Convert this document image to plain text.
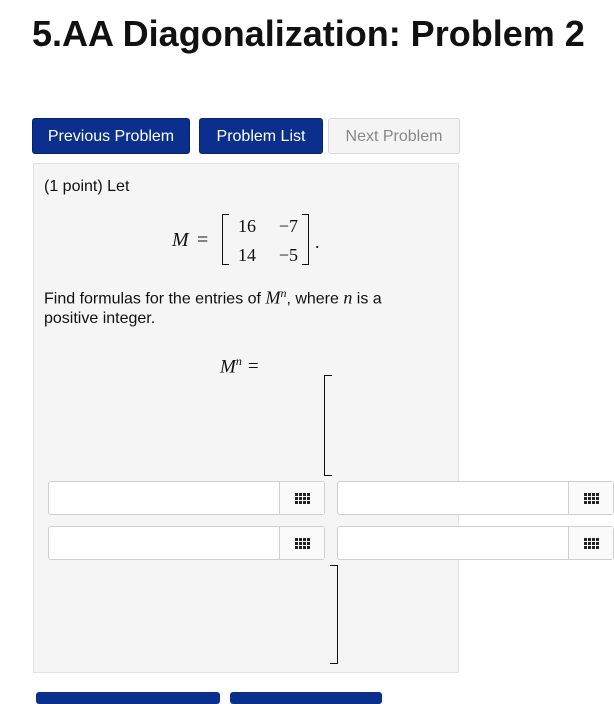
5.AA Diagonalization: Problem 2
Previous Problem	Problem List	Next Problem
(1 point) Let
M =
16	−7
14	−5
.
Find formulas for the entries of $M^n$, where n is a
positive integer.
$M^n$ =
